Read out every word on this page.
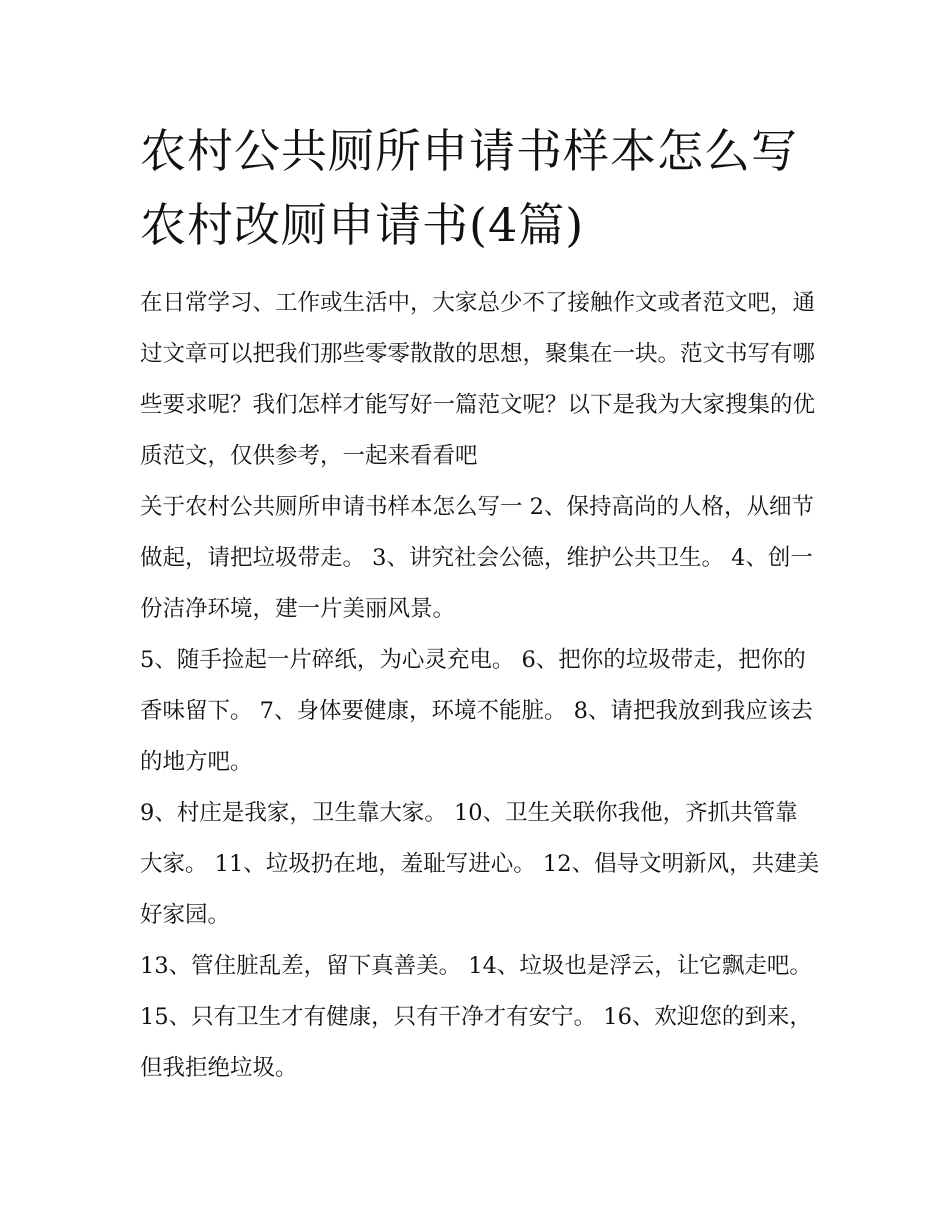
农村公共厕所申请书样本怎么写 农村改厕申请书(4篇)

在日常学习、工作或生活中，大家总少不了接触作文或者范文吧，通过文章可以把我们那些零零散散的思想，聚集在一块。范文书写有哪些要求呢？我们怎样才能写好一篇范文呢？以下是我为大家搜集的优质范文，仅供参考，一起来看看吧

关于农村公共厕所申请书样本怎么写一 2、保持高尚的人格，从细节做起，请把垃圾带走。 3、讲究社会公德，维护公共卫生。 4、创一份洁净环境，建一片美丽风景。

5、随手捡起一片碎纸，为心灵充电。 6、把你的垃圾带走，把你的香味留下。 7、身体要健康，环境不能脏。 8、请把我放到我应该去的地方吧。

9、村庄是我家，卫生靠大家。 10、卫生关联你我他，齐抓共管靠大家。 11、垃圾扔在地，羞耻写进心。 12、倡导文明新风，共建美好家园。

13、管住脏乱差，留下真善美。 14、垃圾也是浮云，让它飘走吧。 15、只有卫生才有健康，只有干净才有安宁。 16、欢迎您的到来，但我拒绝垃圾。
